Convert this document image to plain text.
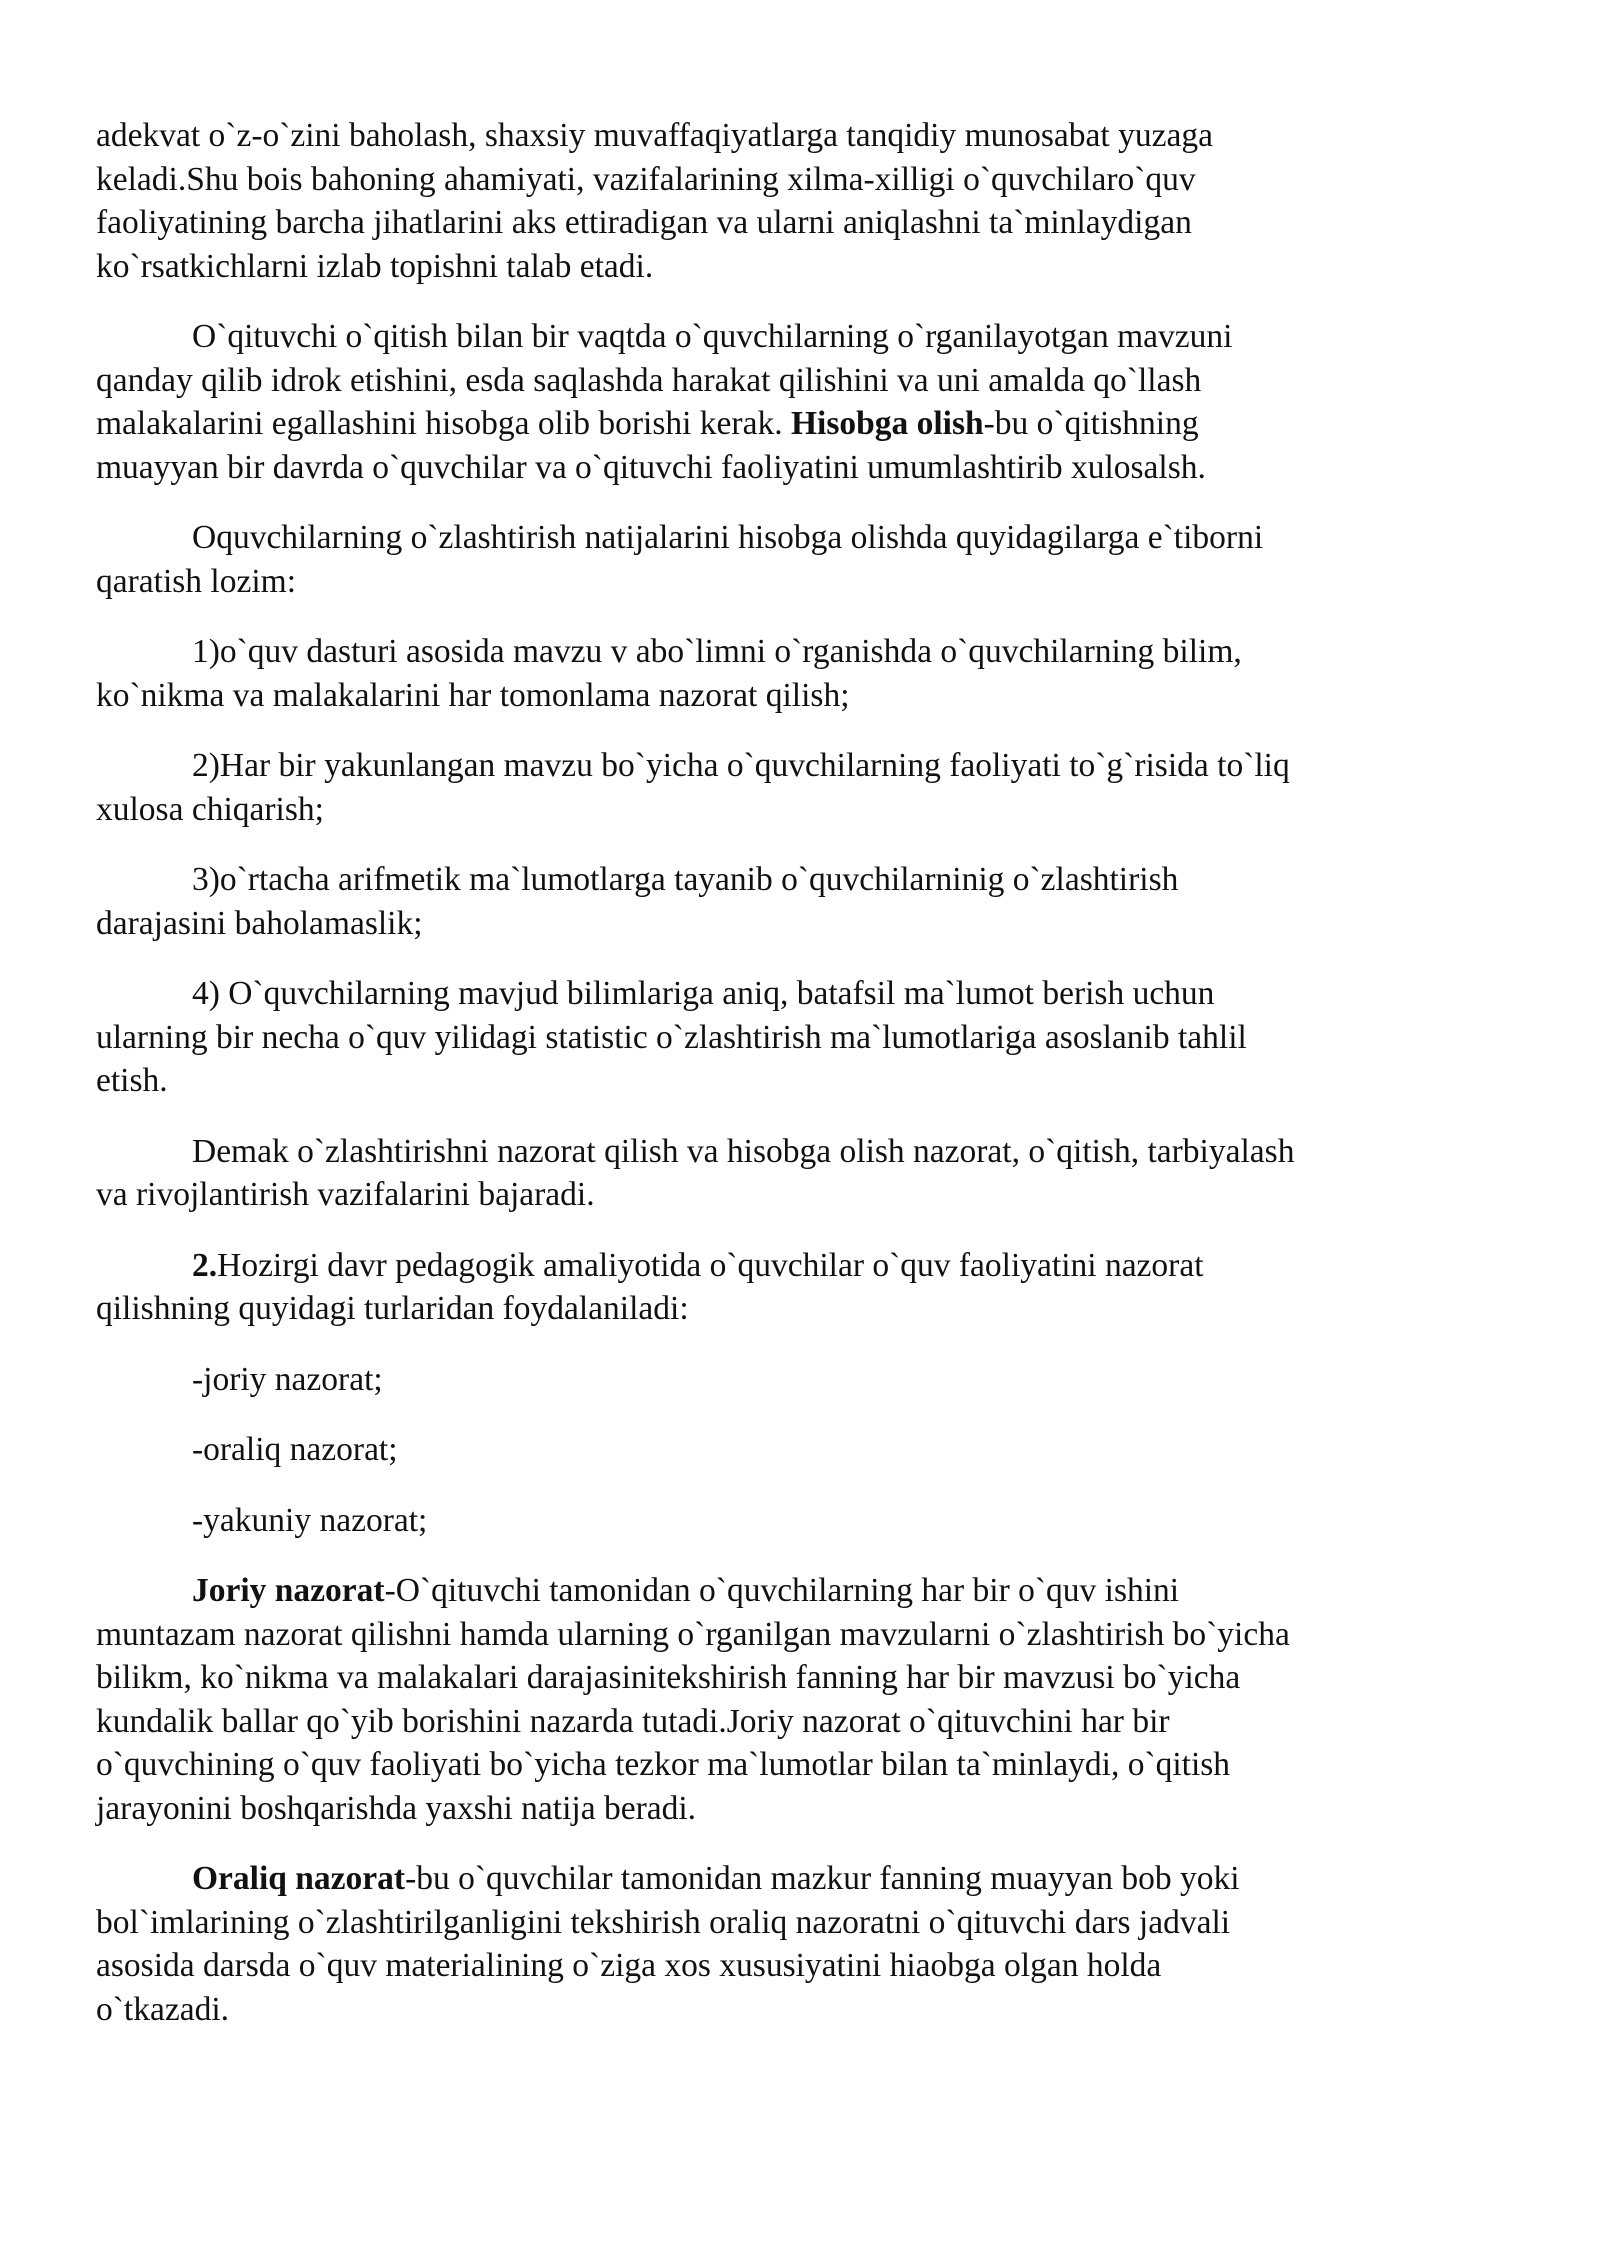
adekvat o`z-o`zini baholash, shaxsiy muvaffaqiyatlarga tanqidiy munosabat yuzaga
keladi.Shu bois bahoning ahamiyati, vazifalarining xilma-xilligi o`quvchilaro`quv
faoliyatining barcha jihatlarini aks ettiradigan va ularni aniqlashni ta`minlaydigan
ko`rsatkichlarni izlab topishni talab etadi.

O`qituvchi o`qitish bilan bir vaqtda o`quvchilarning o`rganilayotgan mavzuni
qanday qilib idrok etishini, esda saqlashda harakat qilishini va uni amalda qo`llash
malakalarini egallashini hisobga olib borishi kerak. Hisobga olish-bu o`qitishning
muayyan bir davrda o`quvchilar va o`qituvchi faoliyatini umumlashtirib xulosalsh.

Oquvchilarning o`zlashtirish natijalarini hisobga olishda quyidagilarga e`tiborni
qaratish lozim:

1)o`quv dasturi asosida mavzu v abo`limni o`rganishda o`quvchilarning bilim,
ko`nikma va malakalarini har tomonlama nazorat qilish;

2)Har bir yakunlangan mavzu bo`yicha o`quvchilarning faoliyati to`g`risida to`liq
xulosa chiqarish;

3)o`rtacha arifmetik ma`lumotlarga tayanib o`quvchilarninig o`zlashtirish
darajasini baholamaslik;

4) O`quvchilarning mavjud bilimlariga aniq, batafsil ma`lumot berish uchun
ularning bir necha o`quv yilidagi statistic o`zlashtirish ma`lumotlariga asoslanib tahlil
etish.

Demak o`zlashtirishni nazorat qilish va hisobga olish nazorat, o`qitish, tarbiyalash
va rivojlantirish vazifalarini bajaradi.

2.Hozirgi davr pedagogik amaliyotida o`quvchilar o`quv faoliyatini nazorat
qilishning quyidagi turlaridan foydalaniladi:

-joriy nazorat;

-oraliq nazorat;

-yakuniy nazorat;

Joriy nazorat-O`qituvchi tamonidan o`quvchilarning har bir o`quv ishini
muntazam nazorat qilishni hamda ularning o`rganilgan mavzularni o`zlashtirish bo`yicha
bilikm, ko`nikma va malakalari darajasinitekshirish fanning har bir mavzusi bo`yicha
kundalik ballar qo`yib borishini nazarda tutadi.Joriy nazorat o`qituvchini har bir
o`quvchining o`quv faoliyati bo`yicha tezkor ma`lumotlar bilan ta`minlaydi, o`qitish
jarayonini boshqarishda yaxshi natija beradi.

Oraliq nazorat-bu o`quvchilar tamonidan mazkur fanning muayyan bob yoki
bol`imlarining o`zlashtirilganligini tekshirish oraliq nazoratni o`qituvchi dars jadvali
asosida darsda o`quv materialining o`ziga xos xususiyatini hiaobga olgan holda
o`tkazadi.
